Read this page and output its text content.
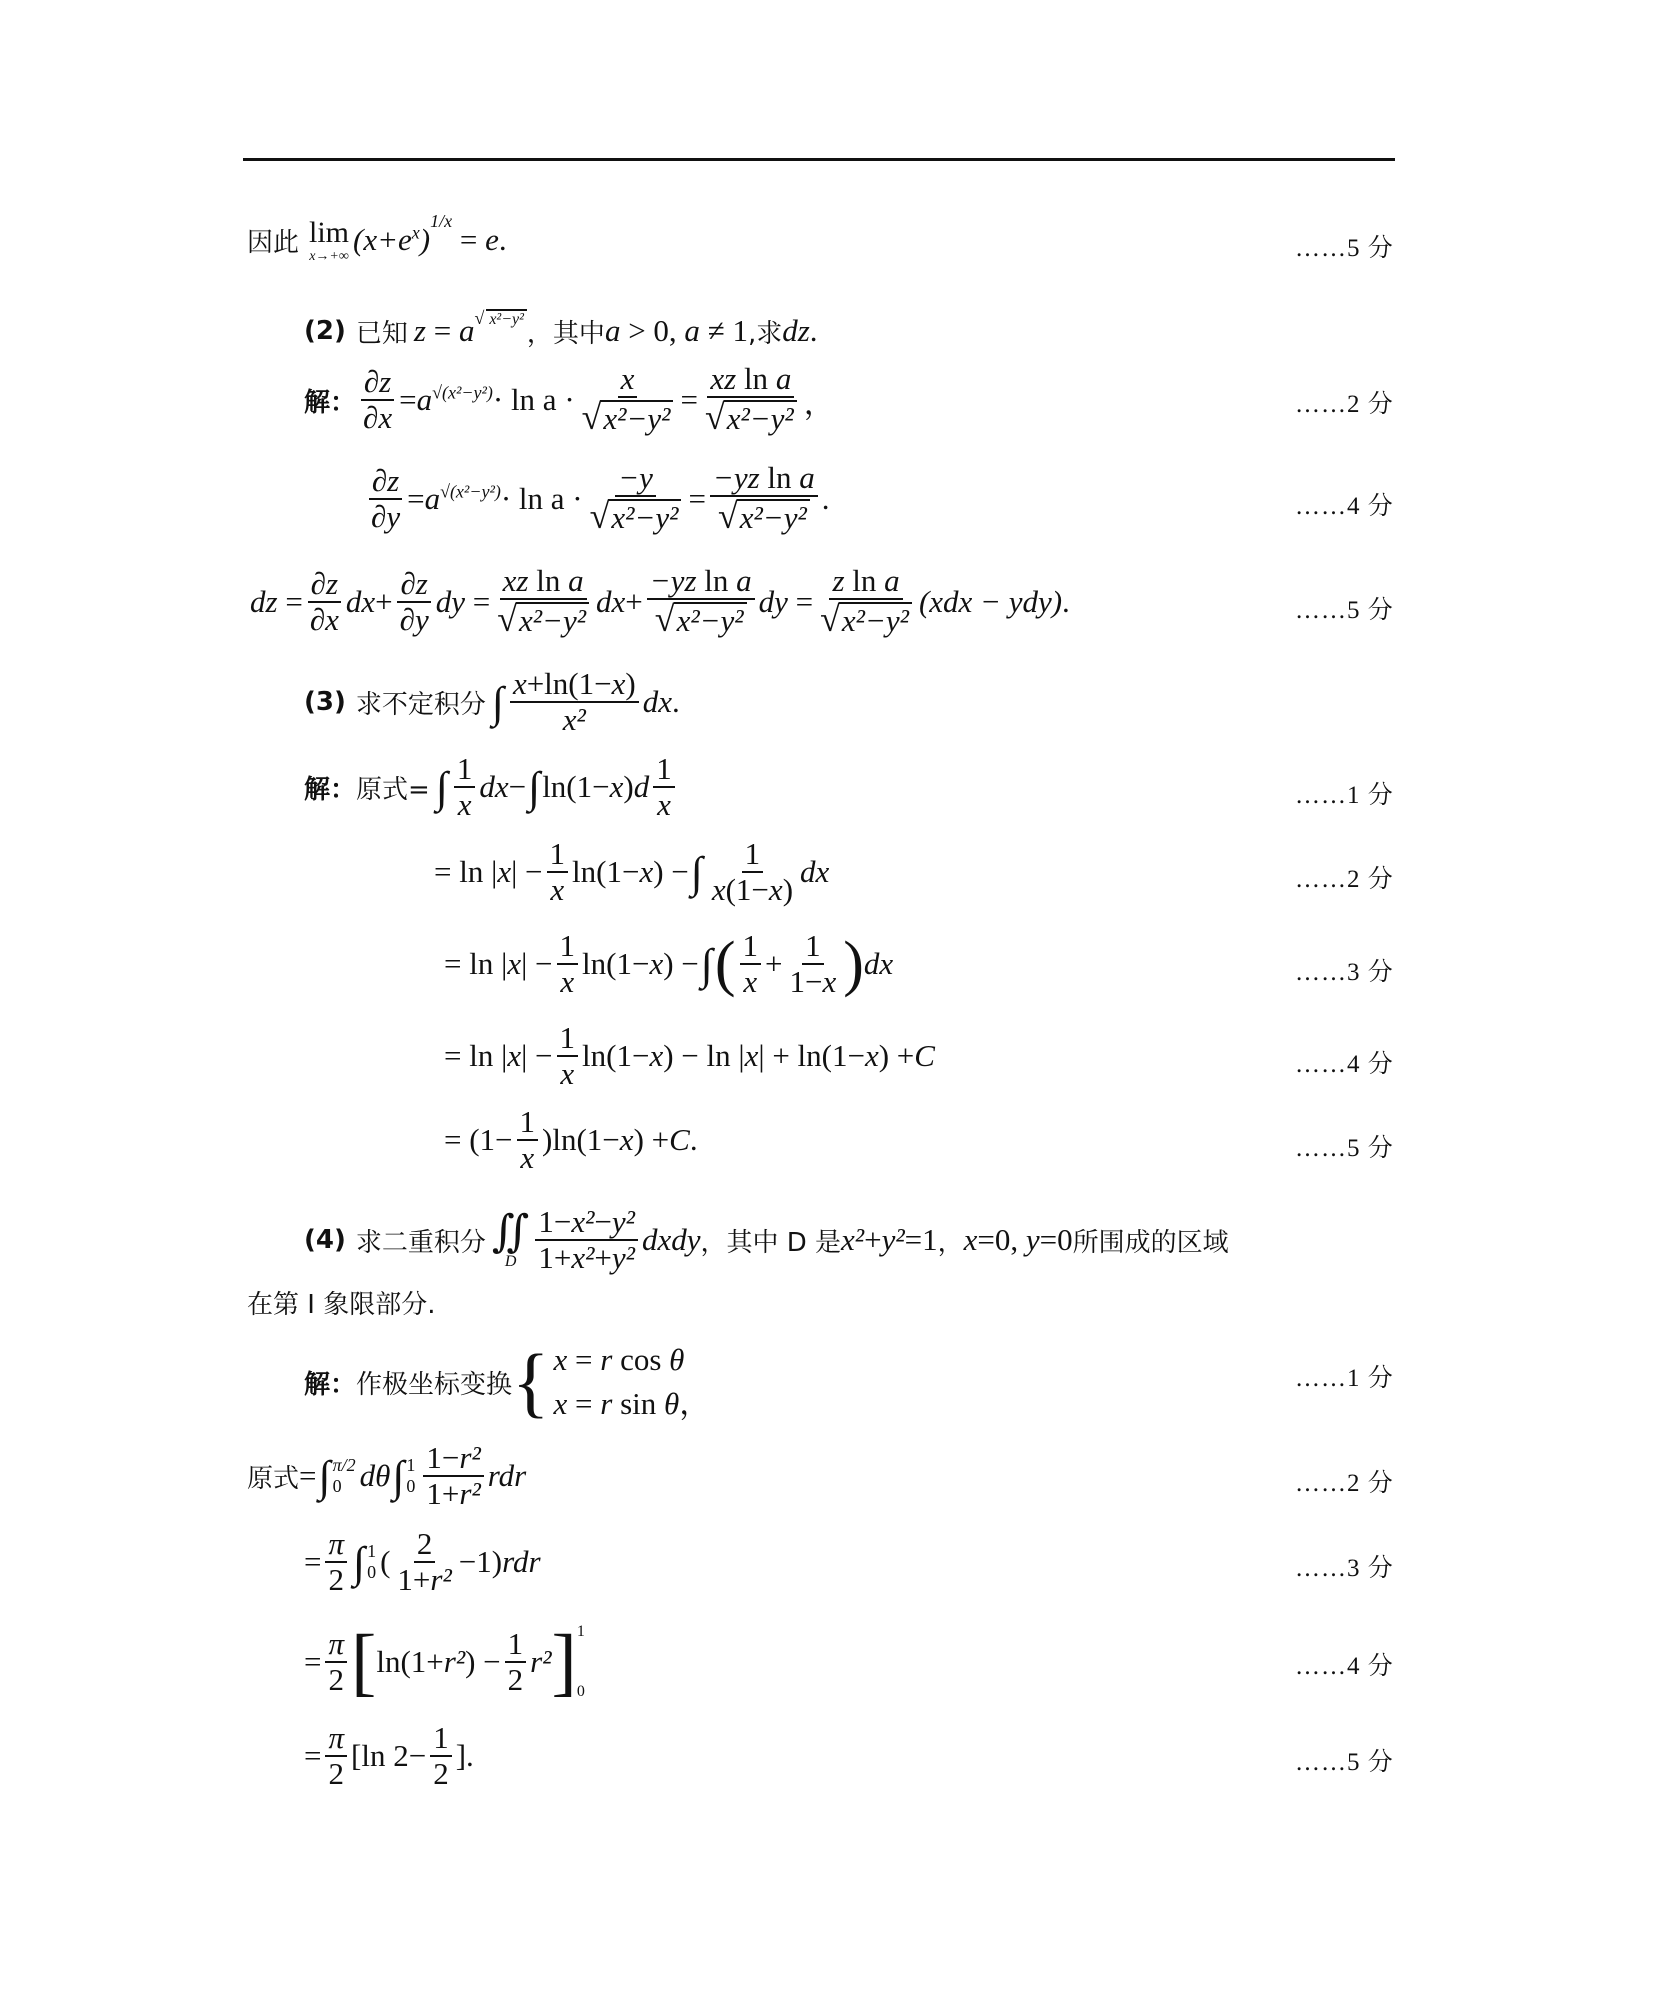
因此 lim
x→+∞ $(x+e^x)^{1/x} = e$ .	……5 分
(2) 已知 $z = a^{√ x^2-y^2}$ ，其中 a > 0, a ≠ 1 ,求 dz .
解： $\frac{\partial z}{\partial x} = a^{√(x^2-y^2)} \cdot \ln a \cdot \frac{x}{\text{√x²−y²}} = \frac{\text{xz ln a}}{\text{√x²−y²}}$ ，	……2 分
$\frac{\partial z}{\partial y} = a^{√(x^2-y^2)} \cdot \ln a \cdot \frac{-y}{\text{√x²−y²}} = \frac{\text{−yz ln a}}{\text{√x²−y²}}$ .	……4 分
dz = $\frac{\partial z}{\partial x} dx+ \frac{\partial z}{\partial y}$ dy = $\frac{\text{xz ln a}}{\text{√x²−y²}} dx+ \frac{\text{−yz ln a}}{\text{√x²−y²}}$ dy = $\frac{\text{z ln a}}{\text{√x²−y²}} (xdx - ydy)$ .	……5 分
(3) 求不定积分 ∫ $\frac{x+\ln(1-x)}{\text{x²}}$ dx .
解： 原式= ∫ $\frac{1}{x} dx-$ ∫ ln(1− x ) d $\frac{1}{x}$	……1 分
= ln | x | − $\frac{1}{x} \ln(1- x$ ) − ∫ $\frac{1}{x(1-x)}$ dx	……2 分
= ln | x | − $\frac{1}{x} \ln(1- x$ ) − ∫ ( $\frac{1}{x} + \frac{1}{1-x}$ ) dx	……3 分
= ln | x | − $\frac{1}{x} \ln(1- x$ ) − ln | x | + ln(1− x ) + C	……4 分
= $(1- \frac{1}{x} )\ln(1- x$ ) + C .	……5 分
(4) 求二重积分 ∬
D $\frac{\text{1−x²−y²}}{\text{1+x²+y²}}$ dxdy ，其中 D 是 x²+y²=1 ， x=0, y=0 所围成的区域
在第 I 象限部分.
解： 作极坐标变换 { x = r cos θ
x = r sin θ，
……1 分
原式 = ∫ π/2
0 dθ ∫ 1
$0 \frac{\text{1−r²}}{\text{1+r²}}$ rdr	……2 分
= $\frac{\pi}{2}$ ∫ 1
0 ( $\frac{2}{\text{1+r²}} -1$) rdr	……3 分
= $\frac{\pi}{2}$ [ ln(1+ r² ) − $\frac{1}{2} r^2$ ] 1
0
……4 分
= $\frac{\pi}{2} [\ln$ $2- \frac{1}{2}$ ].	……5 分
